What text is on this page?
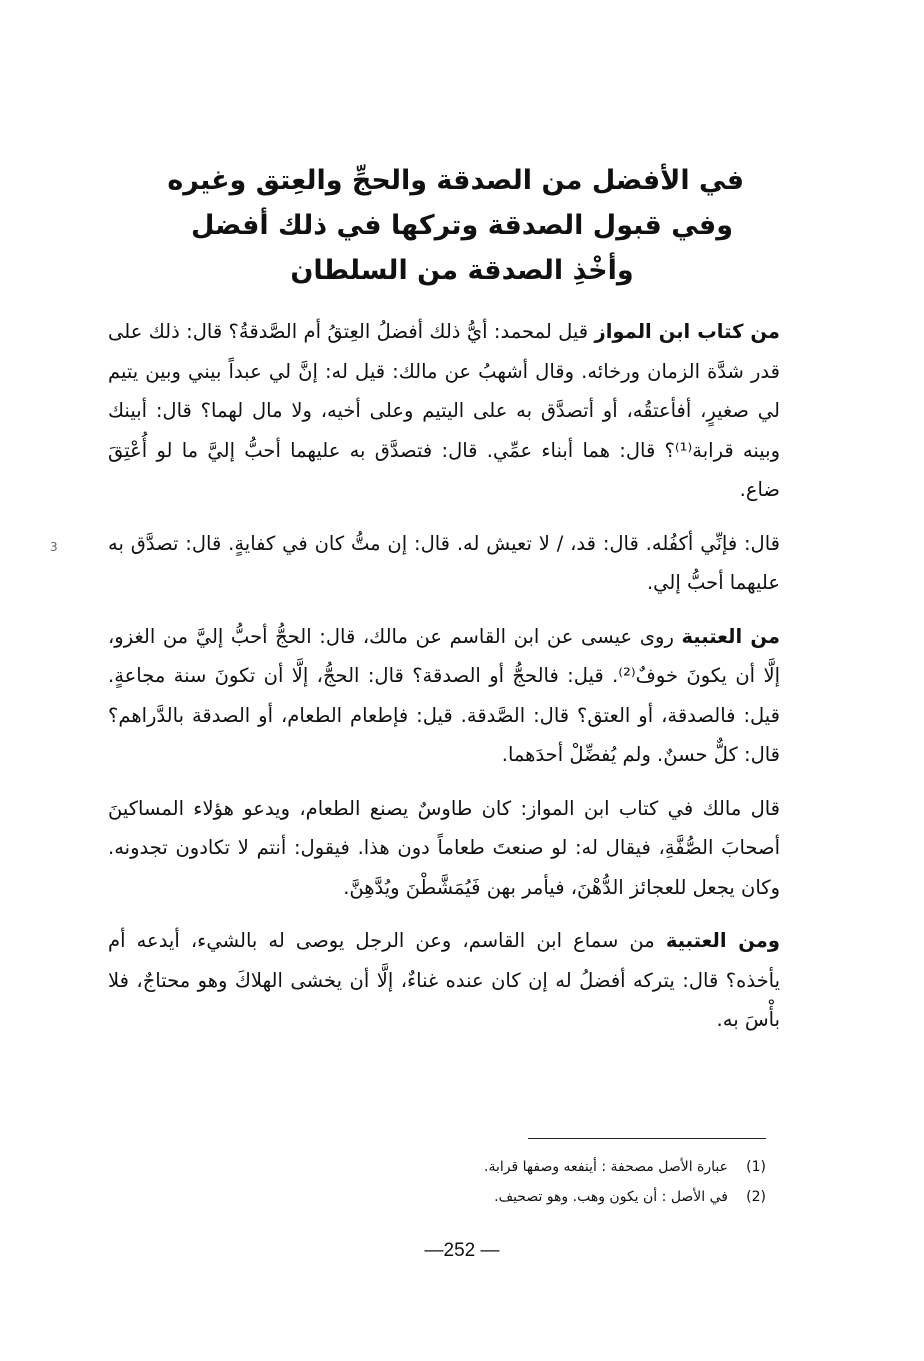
في الأفضل من الصدقة والحجِّ والعِتق وغيره
وفي قبول الصدقة وتركها في ذلك أفضل
وأخْذِ الصدقة من السلطان

من كتاب ابن المواز قيل لمحمد: أيُّ ذلك أفضلُ العِتقُ أم الصَّدقةُ؟ قال: ذلك على قدر شدَّة الزمان ورخائه. وقال أشهبُ عن مالك: قيل له: إنَّ لي عبداً بيني وبين يتيم لي صغيرٍ، أفأعتقُه، أو أتصدَّق به على اليتيم وعلى أخيه، ولا مال لهما؟ قال: أبينك وبينه قرابة⁽¹⁾؟ قال: هما أبناء عمِّي. قال: فتصدَّق به عليهما أحبُّ إليَّ ما لو أُعْتِقَ ضاع.

قال: فإنِّي أكفُله. قال: قد، / لا تعيش له. قال: إن متُّ كان في كفايةٍ. قال: تصدَّق به عليهما أحبُّ إلي.

من العتبية روى عيسى عن ابن القاسم عن مالك، قال: الحجُّ أحبُّ إليَّ من الغزو، إلَّا أن يكونَ خوفٌ⁽²⁾. قيل: فالحجُّ أو الصدقة؟ قال: الحجُّ، إلَّا أن تكونَ سنة مجاعةٍ. قيل: فالصدقة، أو العتق؟ قال: الصَّدقة. قيل: فإطعام الطعام، أو الصدقة بالدَّراهم؟ قال: كلٌّ حسنٌ. ولم يُفضِّلْ أحدَهما.

قال مالك في كتاب ابن المواز: كان طاوسٌ يصنع الطعام، ويدعو هؤلاء المساكينَ أصحابَ الصُّفَّةِ، فيقال له: لو صنعتَ طعاماً دون هذا. فيقول: أنتم لا تكادون تجدونه. وكان يجعل للعجائز الدُّهْنَ، فيأمر بهن فَيُمَشَّطْنَ ويُدَّهِنَّ.

ومن العتبية من سماع ابن القاسم، وعن الرجل يوصى له بالشيء، أيدعه أم يأخذه؟ قال: يتركه أفضلُ له إن كان عنده غناءٌ، إلَّا أن يخشى الهلاكَ وهو محتاجٌ، فلا بأْسَ به.

3
(1)عبارة الأصل مصحفة : أينفعه وصفها قرابة.
(2)في الأصل : أن يكون وهب. وهو تصحيف.
—252 —
